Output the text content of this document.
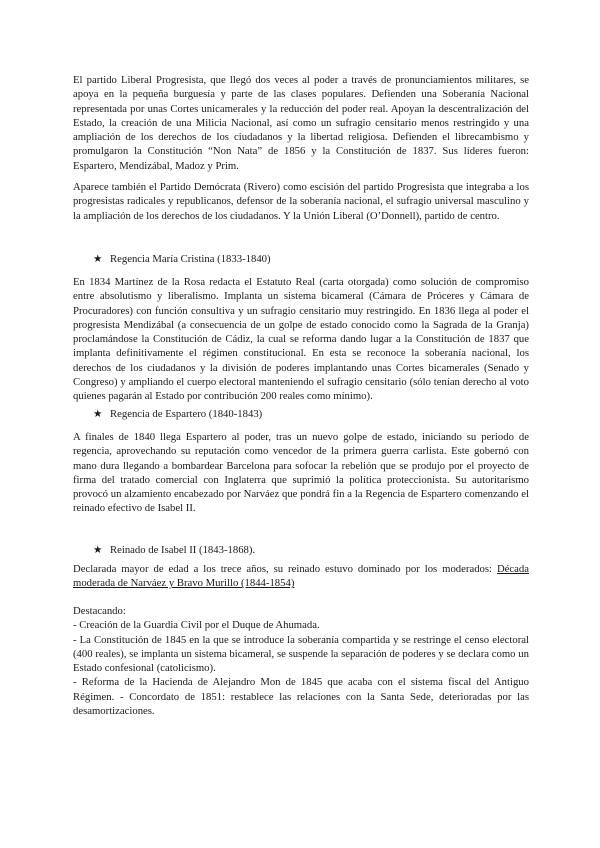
El partido Liberal Progresista, que llegó dos veces al poder a través de pronunciamientos militares, se apoya en la pequeña burguesía y parte de las clases populares. Defienden una Soberanía Nacional representada por unas Cortes unicamerales y la reducción del poder real. Apoyan la descentralización del Estado, la creación de una Milicia Nacional, así como un sufragio censitario menos restringido y una ampliación de los derechos de los ciudadanos y la libertad religiosa. Defienden el librecambismo y promulgaron la Constitución “Non Nata” de 1856 y la Constitución de 1837. Sus líderes fueron: Espartero, Mendizábal, Madoz y Prim.

Aparece también el Partido Demócrata (Rivero) como escisión del partido Progresista que integraba a los progresistas radicales y republicanos, defensor de la soberanía nacional, el sufragio universal masculino y la ampliación de los derechos de los ciudadanos. Y la Unión Liberal (O’Donnell), partido de centro.

★ Regencia María Cristina (1833-1840)

En 1834 Martínez de la Rosa redacta el Estatuto Real (carta otorgada) como solución de compromiso entre absolutismo y liberalismo. Implanta un sistema bicameral (Cámara de Próceres y Cámara de Procuradores) con función consultiva y un sufragio censitario muy restringido. En 1836 llega al poder el progresista Mendizábal (a consecuencia de un golpe de estado conocido como la Sagrada de la Granja) proclamándose la Constitución de Cádiz, la cual se reforma dando lugar a la Constitución de 1837 que implanta definitivamente el régimen constitucional. En esta se reconoce la soberanía nacional, los derechos de los ciudadanos y la división de poderes implantando unas Cortes bicamerales (Senado y Congreso) y ampliando el cuerpo electoral manteniendo el sufragio censitario (sólo tenían derecho al voto quienes pagarán al Estado por contribución 200 reales como mínimo).

★ Regencia de Espartero (1840-1843)

A finales de 1840 llega Espartero al poder, tras un nuevo golpe de estado, iniciando su periodo de regencia, aprovechando su reputación como vencedor de la primera guerra carlista. Este gobernó con mano dura llegando a bombardear Barcelona para sofocar la rebelión que se produjo por el proyecto de firma del tratado comercial con Inglaterra que suprimió la política proteccionista. Su autoritarismo provocó un alzamiento encabezado por Narváez que pondrá fin a la Regencia de Espartero comenzando el reinado efectivo de Isabel II.

★ Reinado de Isabel II (1843-1868).

Declarada mayor de edad a los trece años, su reinado estuvo dominado por los moderados: Década moderada de Narváez y Bravo Murillo (1844-1854)

Destacando:
- Creación de la Guardia Civil por el Duque de Ahumada.
- La Constitución de 1845 en la que se introduce la soberanía compartida y se restringe el censo electoral (400 reales), se implanta un sistema bicameral, se suspende la separación de poderes y se declara como un Estado confesional (catolicismo).
- Reforma de la Hacienda de Alejandro Mon de 1845 que acaba con el sistema fiscal del Antiguo Régimen. - Concordato de 1851: restablece las relaciones con la Santa Sede, deterioradas por las desamortizaciones.
